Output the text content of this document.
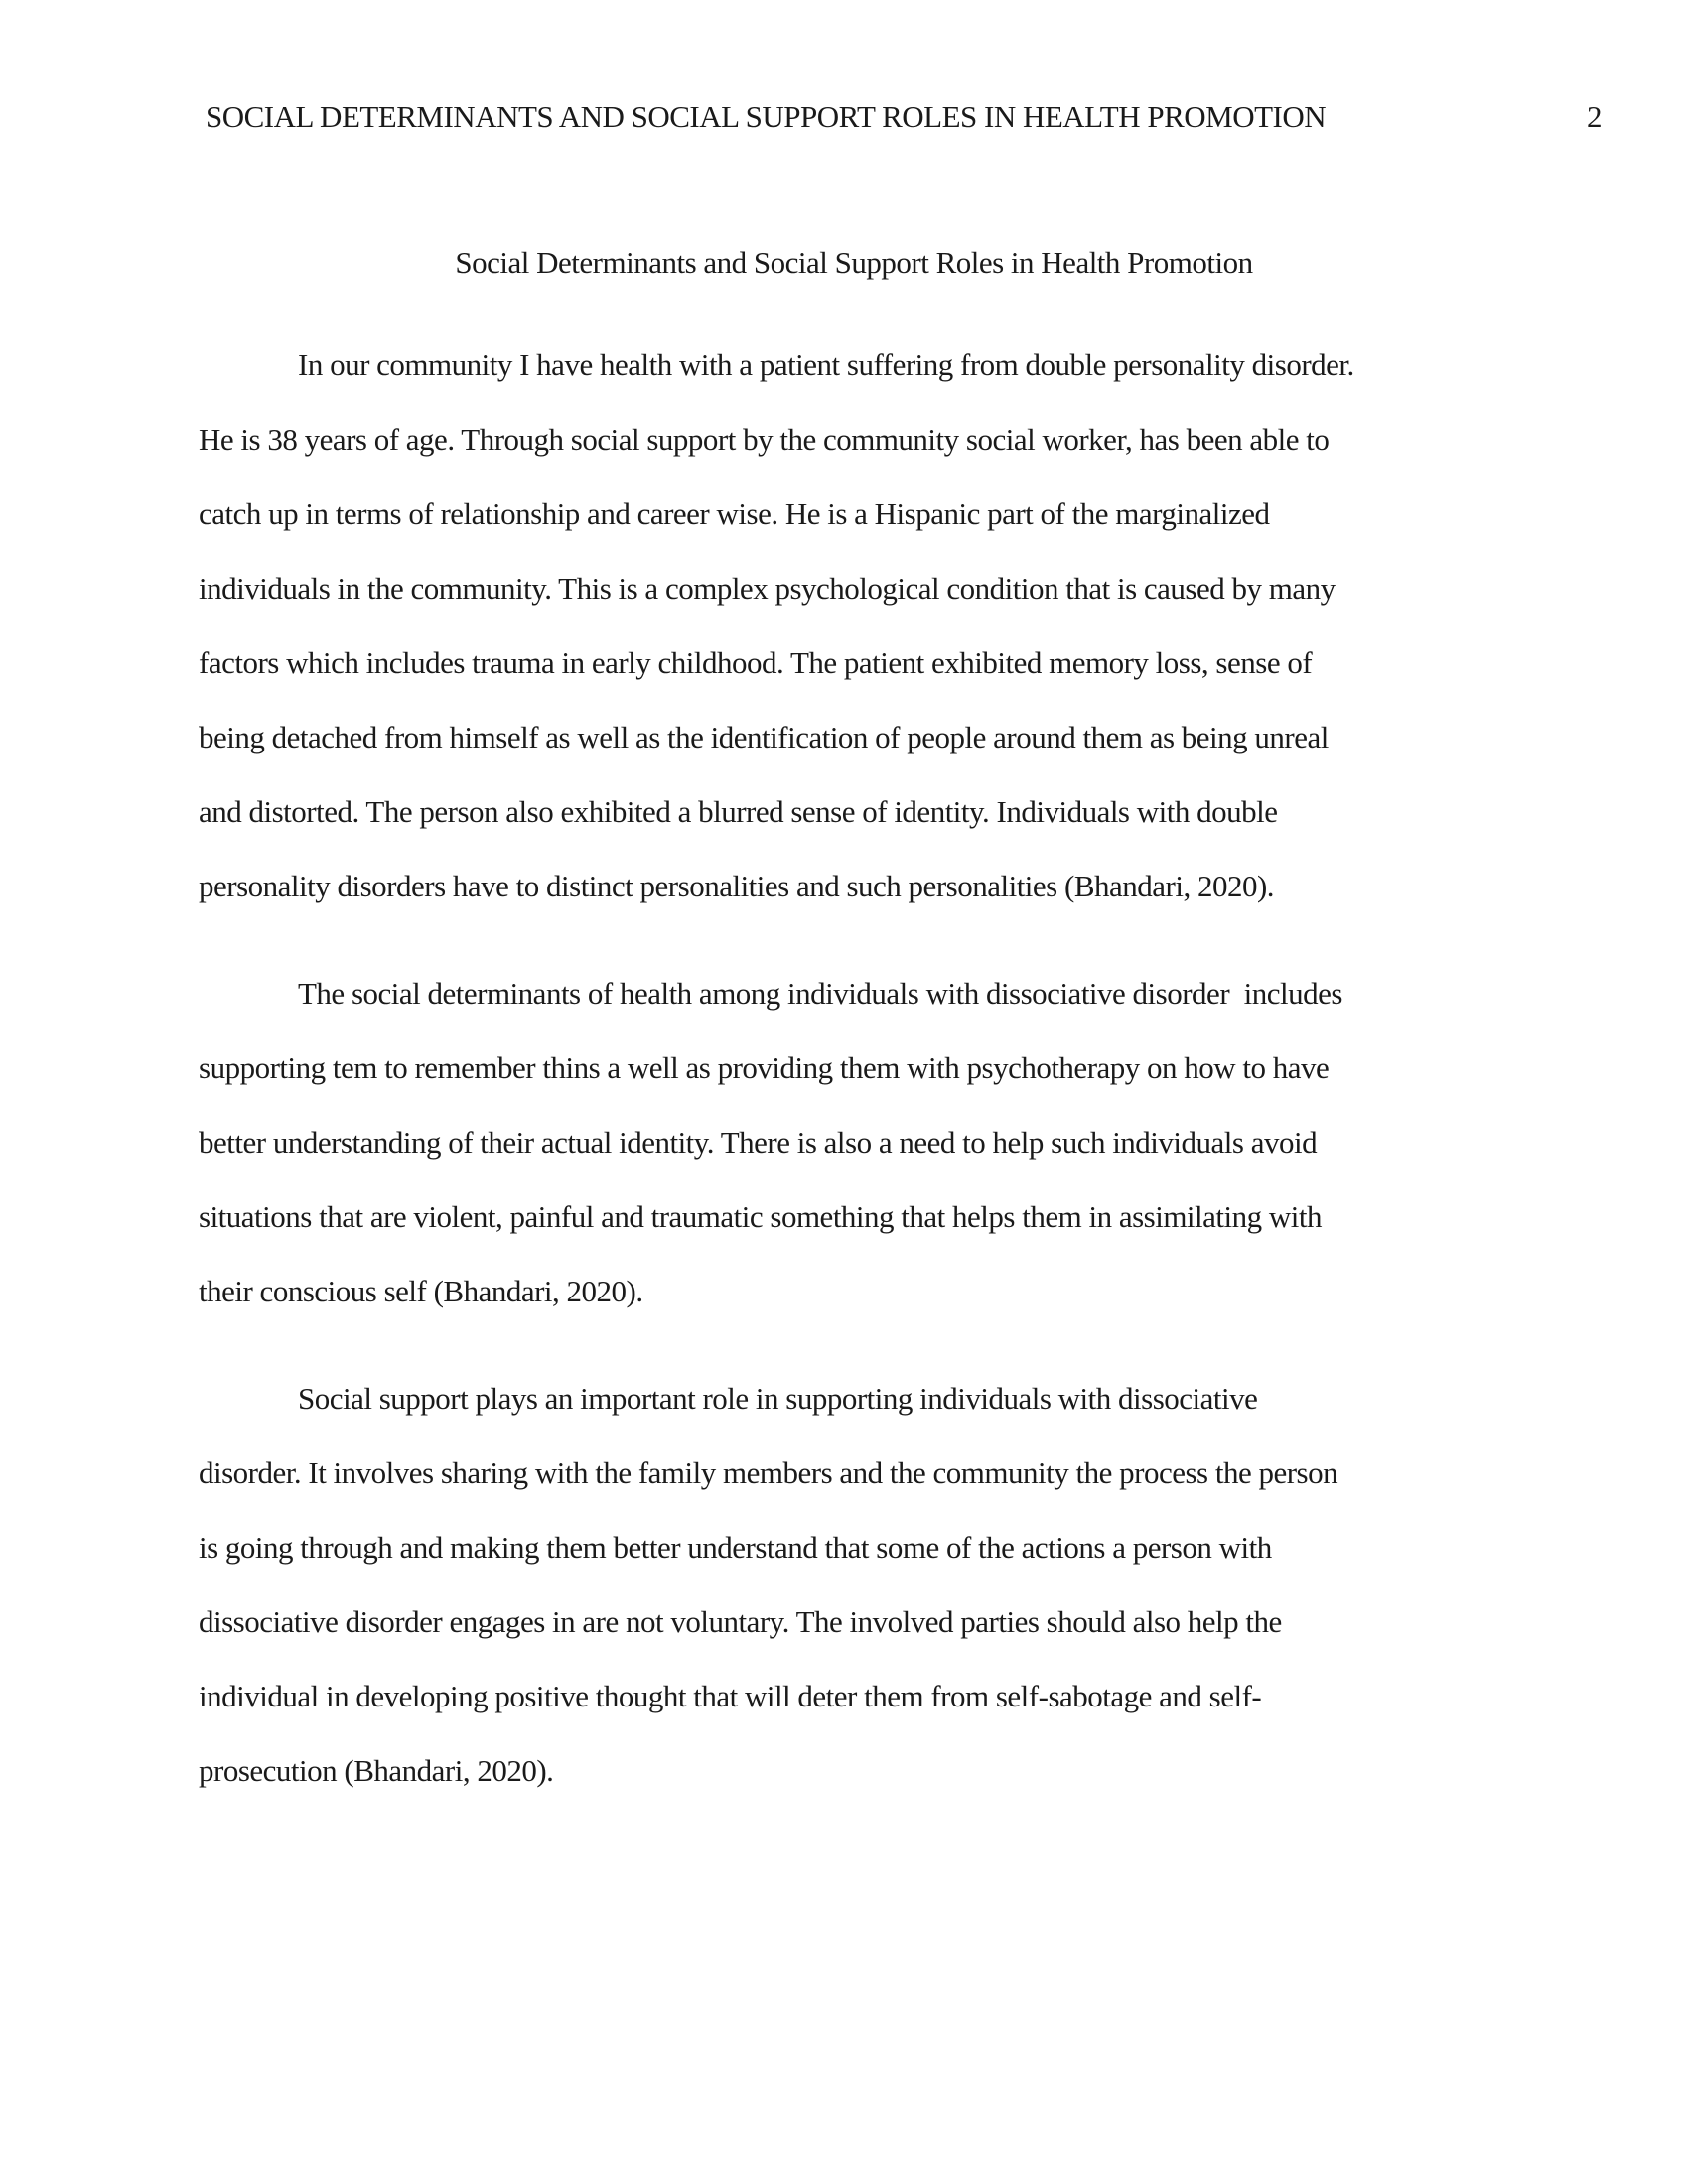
SOCIAL DETERMINANTS AND SOCIAL SUPPORT ROLES IN HEALTH PROMOTION	2
Social Determinants and Social Support Roles in Health Promotion
In our community I have health with a patient suffering from double personality disorder.
He is 38 years of age. Through social support by the community social worker, has been able to
catch up in terms of relationship and career wise. He is a Hispanic part of the marginalized
individuals in the community. This is a complex psychological condition that is caused by many
factors which includes trauma in early childhood. The patient exhibited memory loss, sense of
being detached from himself as well as the identification of people around them as being unreal
and distorted. The person also exhibited a blurred sense of identity. Individuals with double
personality disorders have to distinct personalities and such personalities (Bhandari, 2020).
The social determinants of health among individuals with dissociative disorder  includes
supporting tem to remember thins a well as providing them with psychotherapy on how to have
better understanding of their actual identity. There is also a need to help such individuals avoid
situations that are violent, painful and traumatic something that helps them in assimilating with
their conscious self (Bhandari, 2020).
Social support plays an important role in supporting individuals with dissociative
disorder. It involves sharing with the family members and the community the process the person
is going through and making them better understand that some of the actions a person with
dissociative disorder engages in are not voluntary. The involved parties should also help the
individual in developing positive thought that will deter them from self-sabotage and self-
prosecution (Bhandari, 2020).
